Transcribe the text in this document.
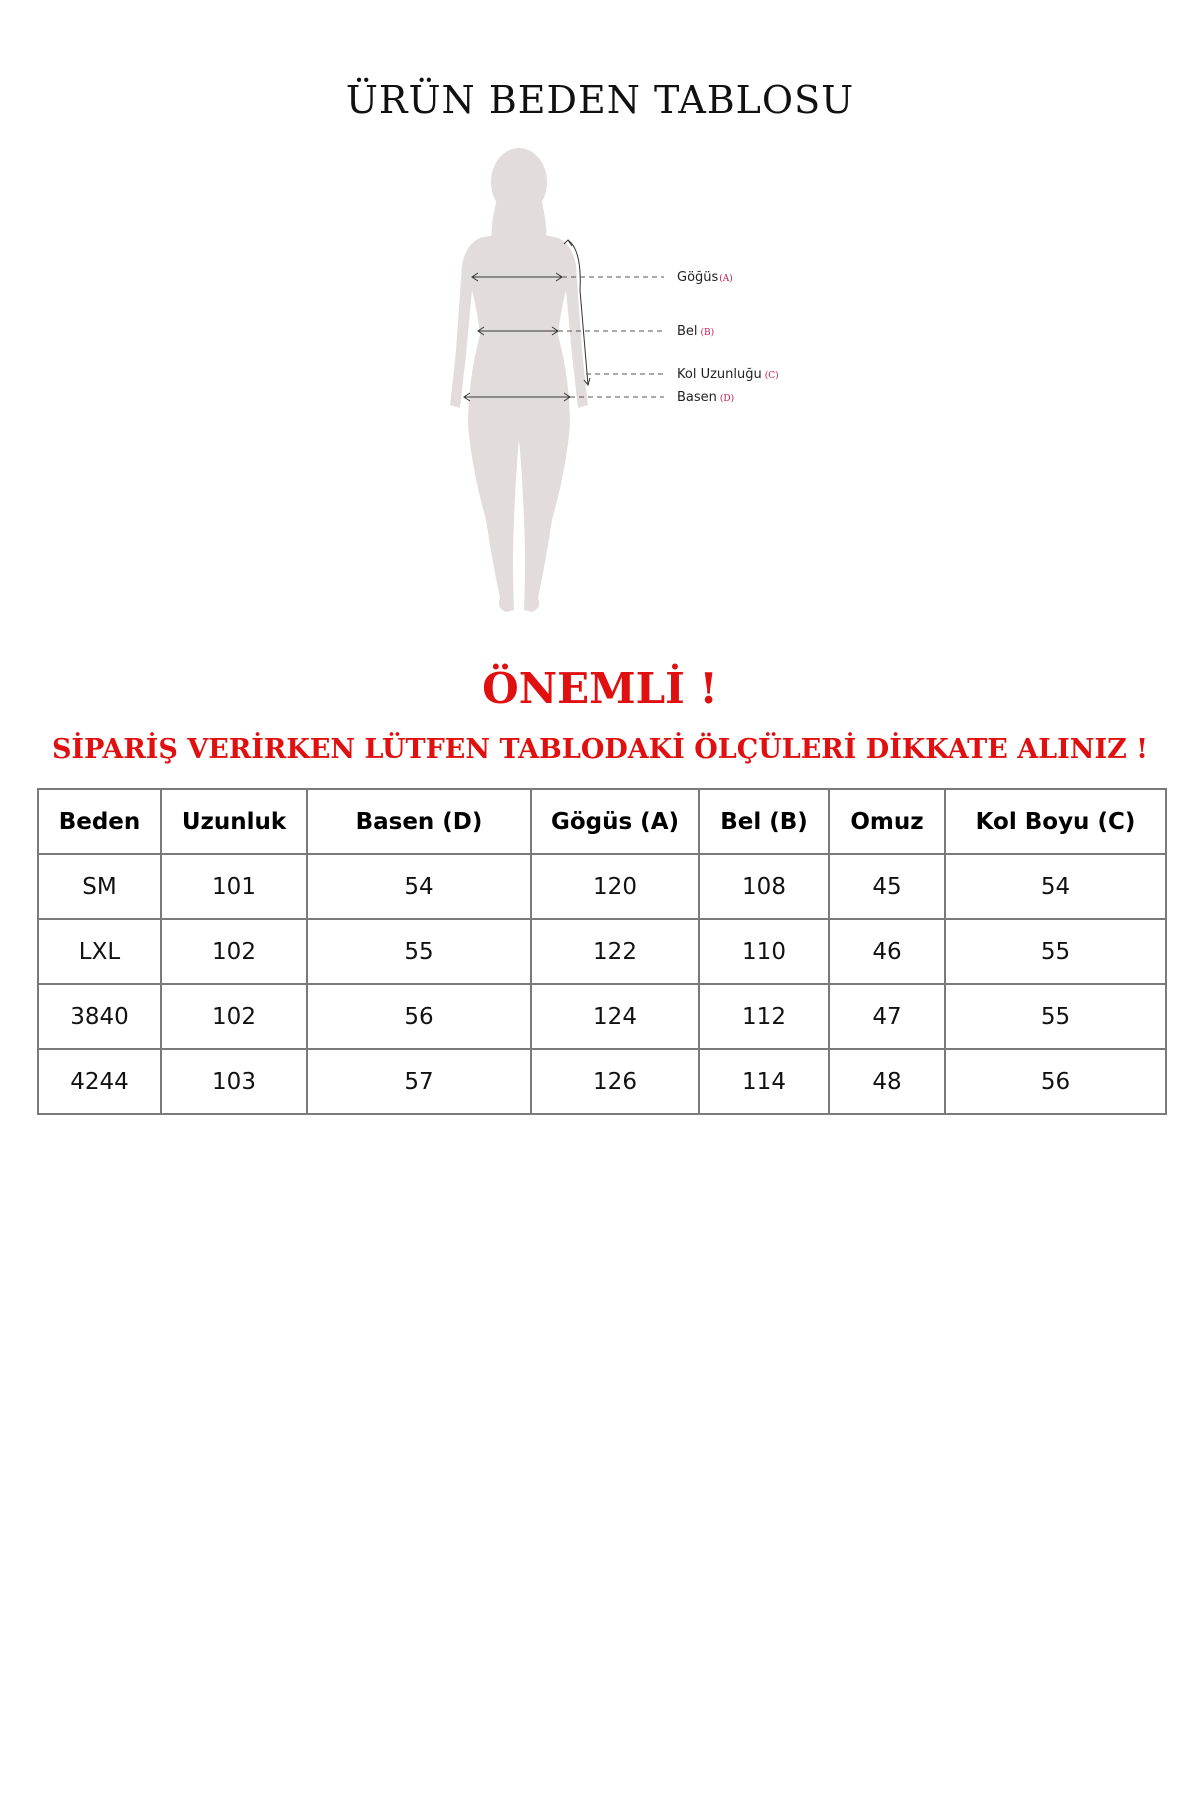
ÜRÜN BEDEN TABLOSU
Göğüs(A)
Bel (B)
Kol Uzunluğu (C)
Basen (D)
ÖNEMLİ !
SİPARİŞ VERİRKEN LÜTFEN TABLODAKİ ÖLÇÜLERİ DİKKATE ALINIZ !
Beden	Uzunluk	Basen (D)	Gögüs (A)	Bel (B)	Omuz	Kol Boyu (C)
SM	101	54	120	108	45	54
LXL	102	55	122	110	46	55
3840	102	56	124	112	47	55
4244	103	57	126	114	48	56
